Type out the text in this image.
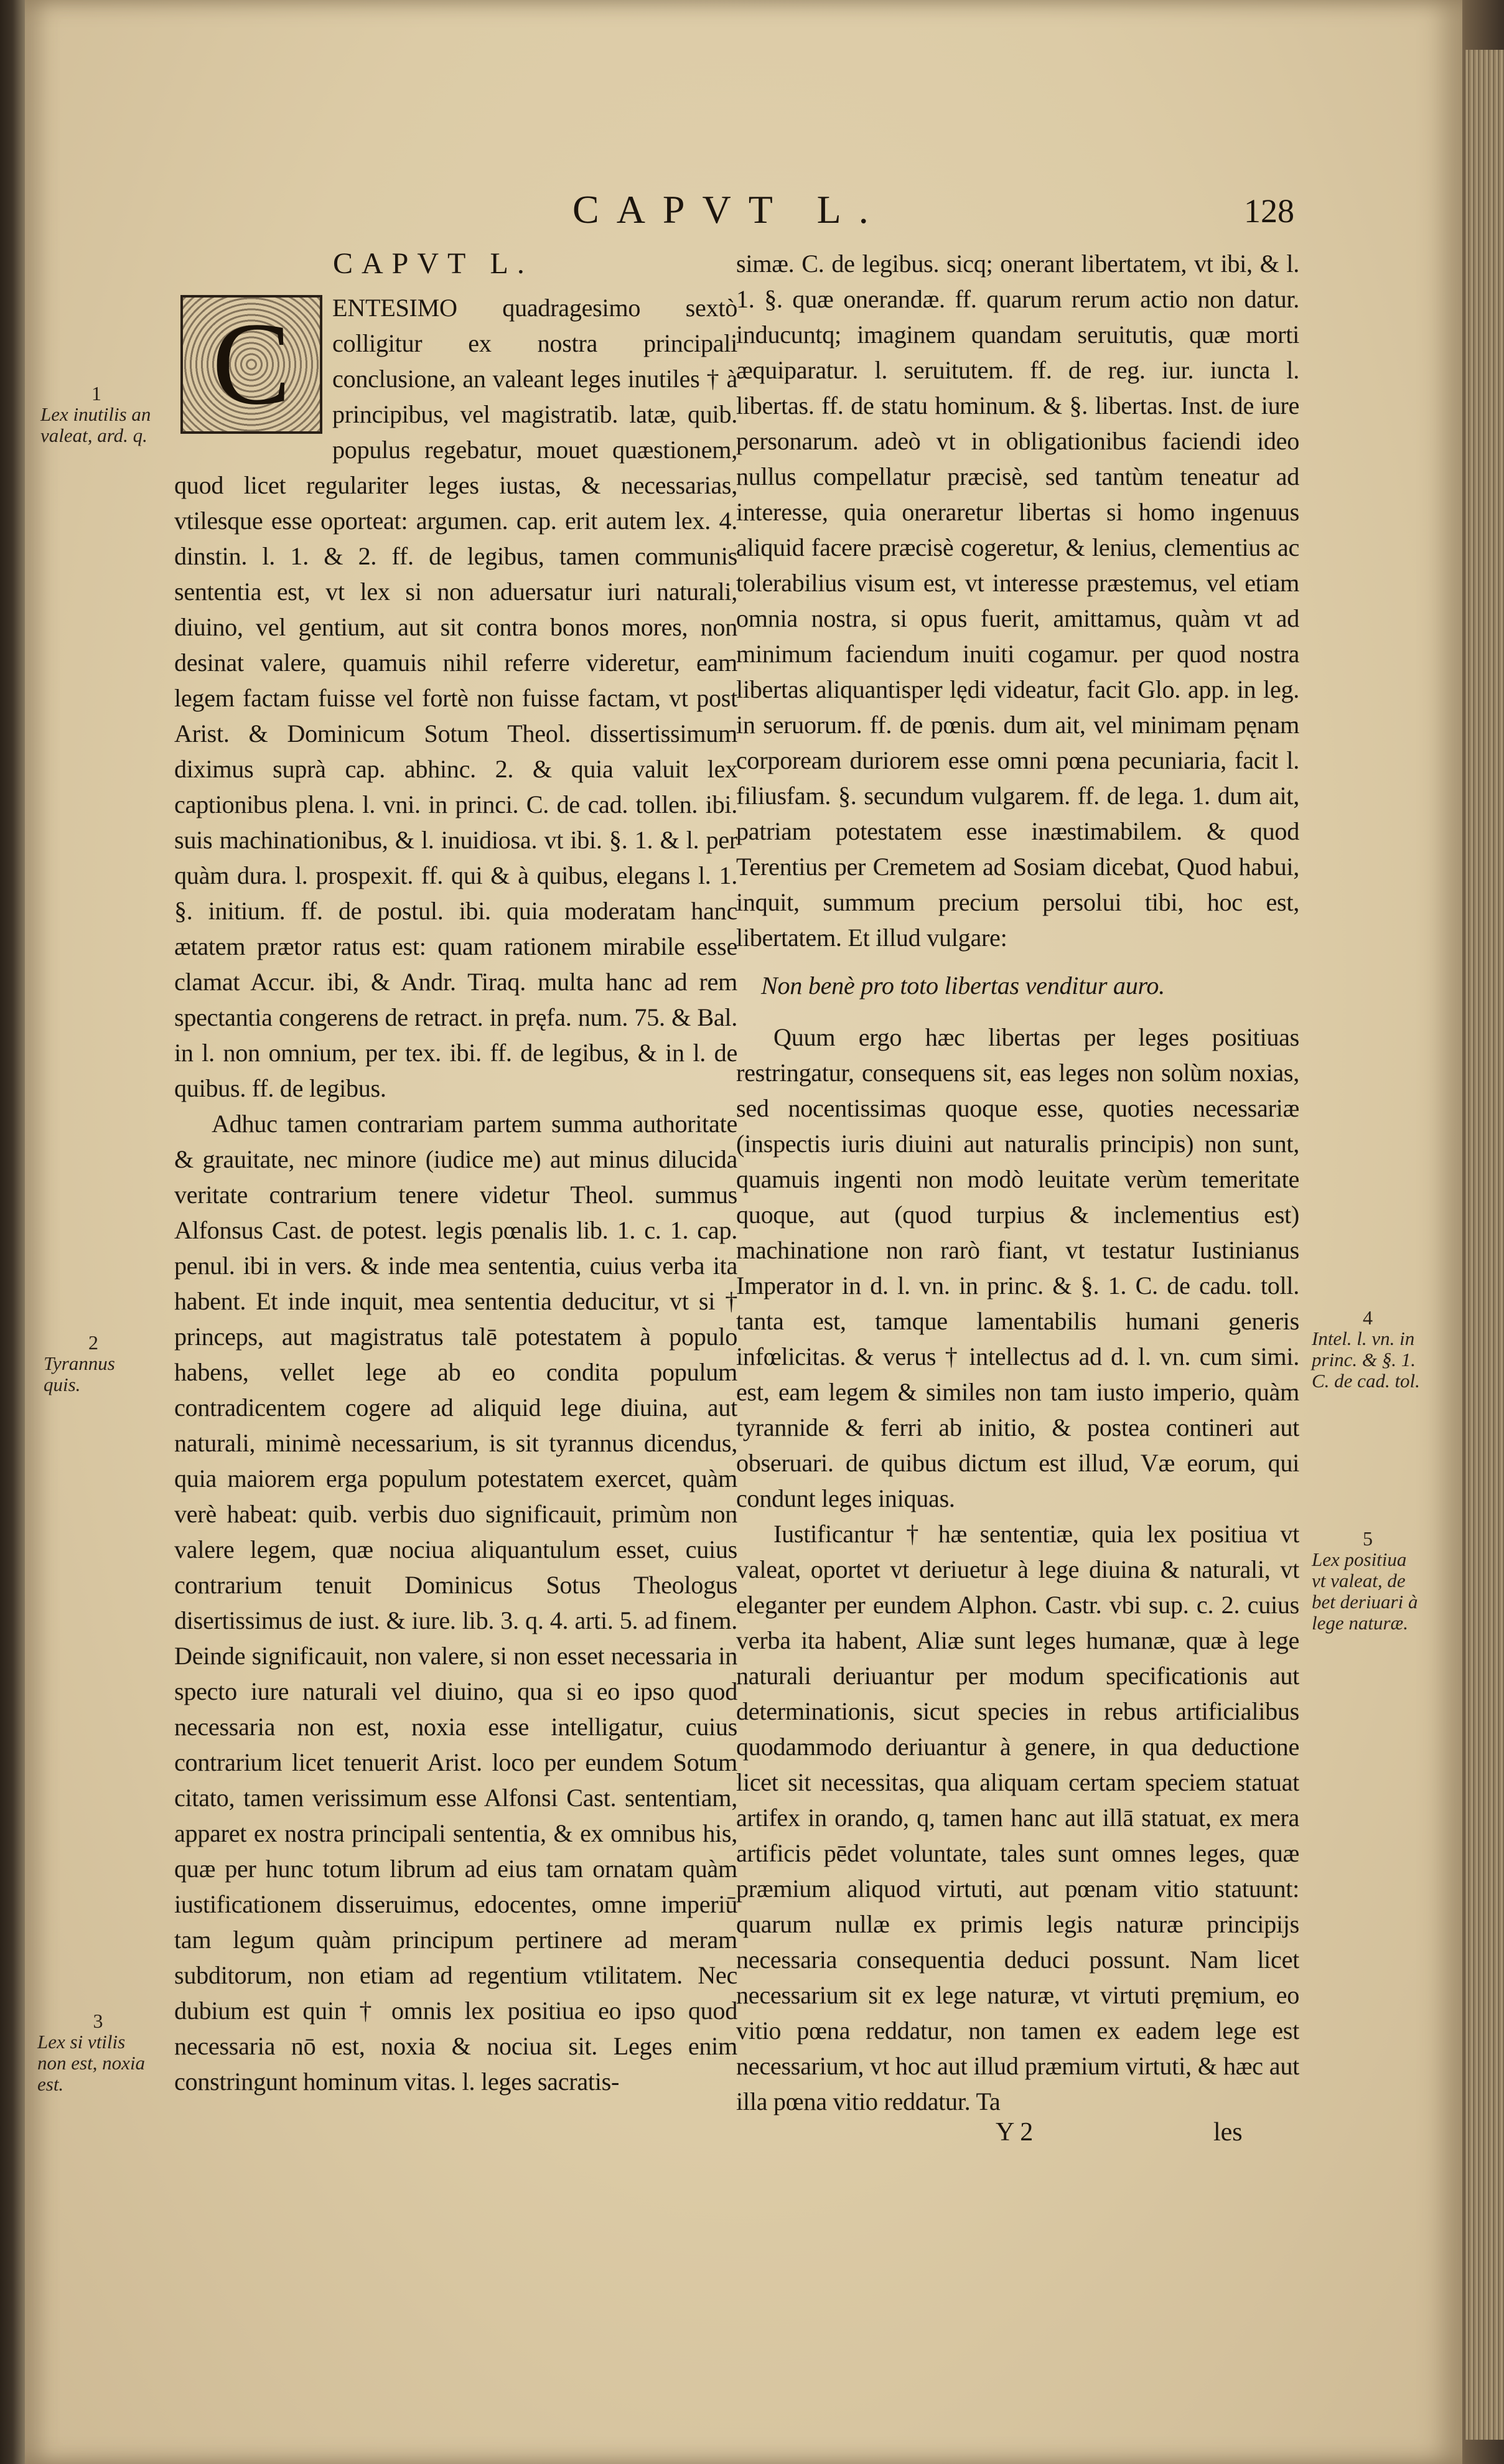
CAPVT L.	128

CAPVT L.

C	ENTESIMO quadragesimo sextò colligitur ex nostra principali conclusione, an valeant leges inutiles † à principibus, vel magistratib. latæ, quib. populus regebatur, mouet quæstionem, quod licet regulariter leges iustas, & necessarias, vtilesque esse oporteat: argumen. cap. erit autem lex. 4. dinstin. l. 1. & 2. ff. de legibus, tamen communis sententia est, vt lex si non aduersatur iuri naturali, diuino, vel gentium, aut sit contra bonos mores, non desinat valere, quamuis nihil referre videretur, eam legem factam fuisse vel fortè non fuisse factam, vt post Arist. & Dominicum Sotum Theol. dissertissimum diximus suprà cap. abhinc. 2. & quia valuit lex captionibus plena. l. vni. in princi. C. de cad. tollen. ibi. suis machinationibus, & l. inuidiosa. vt ibi. §. 1. & l. per quàm dura. l. prospexit. ff. qui & à quibus, elegans l. 1. §. initium. ff. de postul. ibi. quia moderatam hanc ætatem prætor ratus est: quam rationem mirabile esse clamat Accur. ibi, & Andr. Tiraq. multa hanc ad rem spectantia congerens de retract. in pręfa. num. 75. & Bal. in l. non omnium, per tex. ibi. ff. de legibus, & in l. de quibus. ff. de legibus.

Adhuc tamen contrariam partem summa authoritate & grauitate, nec minore (iudice me) aut minus dilucida veritate contrarium tenere videtur Theol. summus Alfonsus Cast. de potest. legis pœnalis lib. 1. c. 1. cap. penul. ibi in vers. & inde mea sententia, cuius verba ita habent. Et inde inquit, mea sententia deducitur, vt si † princeps, aut magistratus talē potestatem à populo habens, vellet lege ab eo condita populum contradicentem cogere ad aliquid lege diuina, aut naturali, minimè necessarium, is sit tyrannus dicendus, quia maiorem erga populum potestatem exercet, quàm verè habeat: quib. verbis duo significauit, primùm non valere legem, quæ nociua aliquantulum esset, cuius contrarium tenuit Dominicus Sotus Theologus disertissimus de iust. & iure. lib. 3. q. 4. arti. 5. ad finem. Deinde significauit, non valere, si non esset necessaria in specto iure naturali vel diuino, qua si eo ipso quod necessaria non est, noxia esse intelligatur, cuius contrarium licet tenuerit Arist. loco per eundem Sotum citato, tamen verissimum esse Alfonsi Cast. sententiam, apparet ex nostra principali sententia, & ex omnibus his, quæ per hunc totum librum ad eius tam ornatam quàm iustificationem disseruimus, edocentes, omne imperiū tam legum quàm principum pertinere ad meram subditorum, non etiam ad regentium vtilitatem. Nec dubium est quin † omnis lex positiua eo ipso quod necessaria nō est, noxia & nociua sit. Leges enim constringunt hominum vitas. l. leges sacratis-

simæ. C. de legibus. sicq; onerant libertatem, vt ibi, & l. 1. §. quæ onerandæ. ff. quarum rerum actio non datur. inducuntq; imaginem quandam seruitutis, quæ morti æquiparatur. l. seruitutem. ff. de reg. iur. iuncta l. libertas. ff. de statu hominum. & §. libertas. Inst. de iure personarum. adeò vt in obligationibus faciendi ideo nullus compellatur præcisè, sed tantùm teneatur ad interesse, quia oneraretur libertas si homo ingenuus aliquid facere præcisè cogeretur, & lenius, clementius ac tolerabilius visum est, vt interesse præstemus, vel etiam omnia nostra, si opus fuerit, amittamus, quàm vt ad minimum faciendum inuiti cogamur. per quod nostra libertas aliquantisper lędi videatur, facit Glo. app. in leg. in seruorum. ff. de pœnis. dum ait, vel minimam pęnam corpoream duriorem esse omni pœna pecuniaria, facit l. filiusfam. §. secundum vulgarem. ff. de lega. 1. dum ait, patriam potestatem esse inæstimabilem. & quod Terentius per Cremetem ad Sosiam dicebat, Quod habui, inquit, summum precium persolui tibi, hoc est, libertatem. Et illud vulgare:

Non benè pro toto libertas venditur auro.

Quum ergo hæc libertas per leges positiuas restringatur, consequens sit, eas leges non solùm noxias, sed nocentissimas quoque esse, quoties necessariæ (inspectis iuris diuini aut naturalis principis) non sunt, quamuis ingenti non modò leuitate verùm temeritate quoque, aut (quod turpius & inclementius est) machinatione non rarò fiant, vt testatur Iustinianus Imperator in d. l. vn. in princ. & §. 1. C. de cadu. toll. tanta est, tamque lamentabilis humani generis infœlicitas. & verus † intellectus ad d. l. vn. cum simi. est, eam legem & similes non tam iusto imperio, quàm tyrannide & ferri ab initio, & postea contineri aut obseruari. de quibus dictum est illud, Væ eorum, qui condunt leges iniquas.

Iustificantur † hæ sententiæ, quia lex positiua vt valeat, oportet vt deriuetur à lege diuina & naturali, vt eleganter per eundem Alphon. Castr. vbi sup. c. 2. cuius verba ita habent, Aliæ sunt leges humanæ, quæ à lege naturali deriuantur per modum specificationis aut determinationis, sicut species in rebus artificialibus quodammodo deriuantur à genere, in qua deductione licet sit necessitas, qua aliquam certam speciem statuat artifex in orando, q, tamen hanc aut illā statuat, ex mera artificis pēdet voluntate, tales sunt omnes leges, quæ præmium aliquod virtuti, aut pœnam vitio statuunt: quarum nullæ ex primis legis naturæ principijs necessaria consequentia deduci possunt. Nam licet necessarium sit ex lege naturæ, vt virtuti pręmium, eo vitio pœna reddatur, non tamen ex eadem lege est necessarium, vt hoc aut illud præmium virtuti, & hæc aut illa pœna vitio reddatur. Ta

1
Lex inutilis an valeat, ard. q.
2
Tyrannus quis.
3
Lex si vtilis non est, noxia est.
4
Intel. l. vn. in princ. & §. 1. C. de cad. tol.
5
Lex positiua vt valeat, de bet deriuari à lege naturæ.
Y 2	les
